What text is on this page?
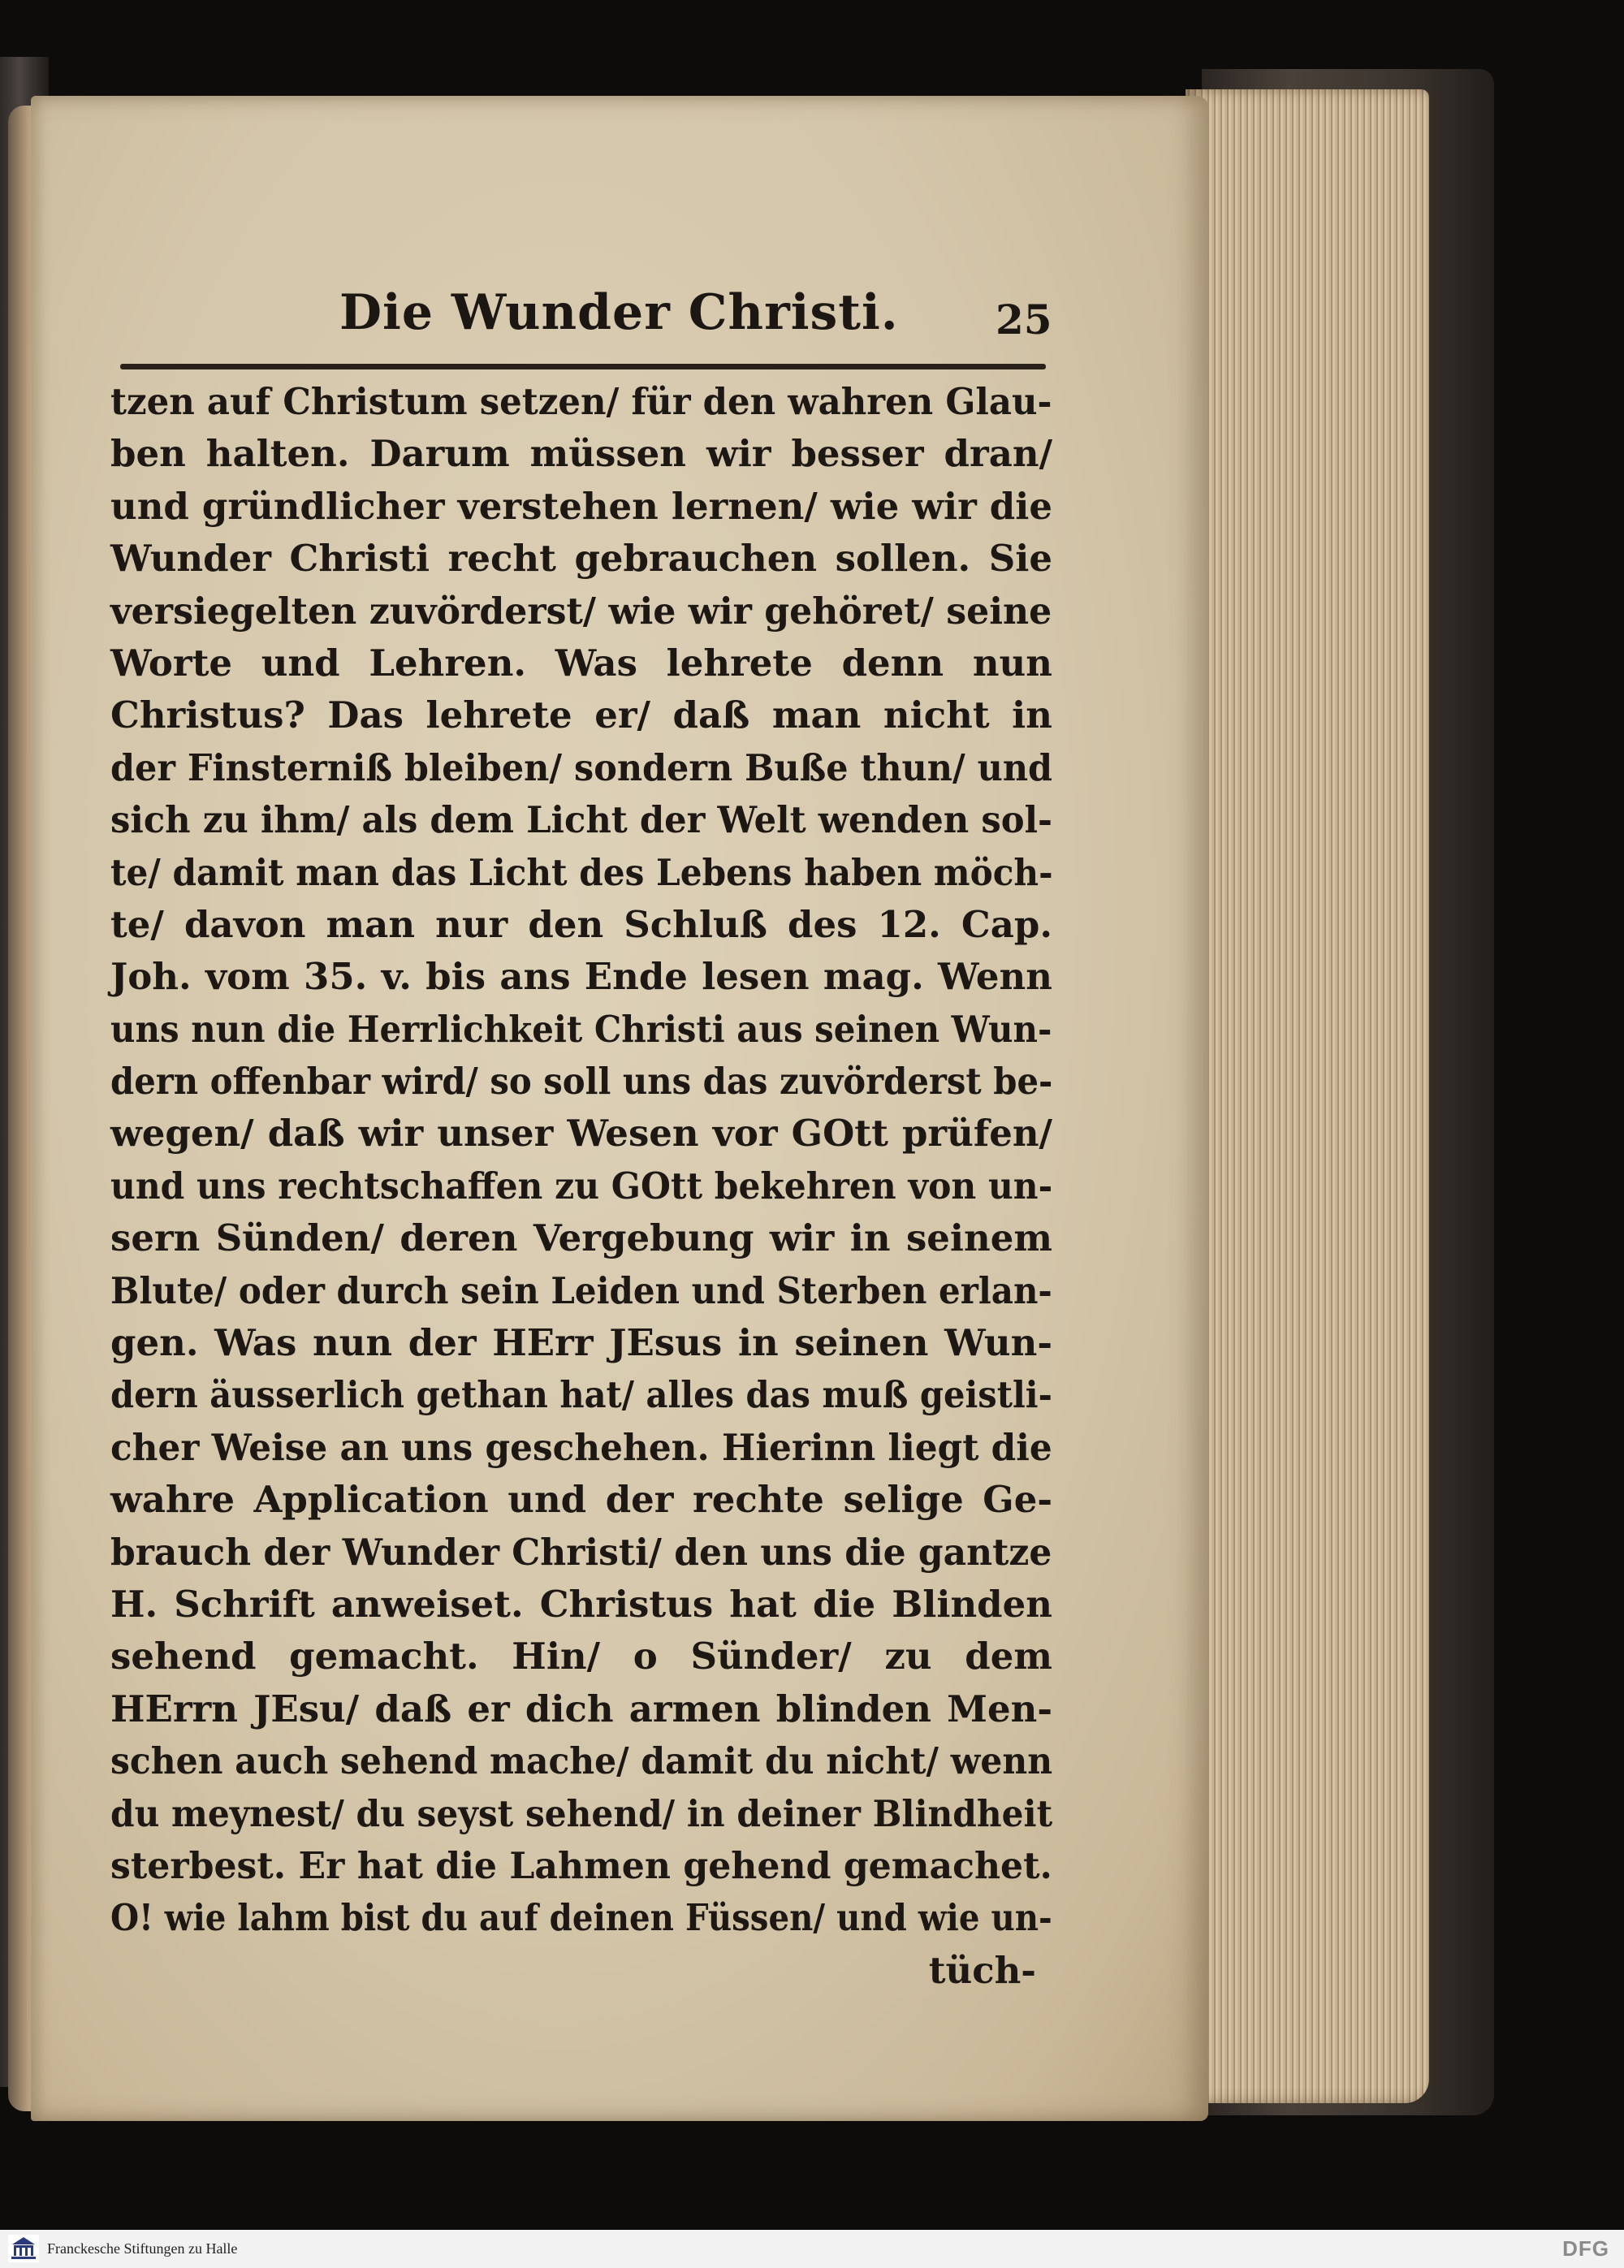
Die Wunder Christi. 25
tzen auf Christum setzen/ für den wahren Glau-
ben halten. Darum müssen wir besser dran/
und gründlicher verstehen lernen/ wie wir die
Wunder Christi recht gebrauchen sollen. Sie
versiegelten zuvörderst/ wie wir gehöret/ seine
Worte und Lehren. Was lehrete denn nun
Christus? Das lehrete er/ daß man nicht in
der Finsterniß bleiben/ sondern Buße thun/ und
sich zu ihm/ als dem Licht der Welt wenden sol-
te/ damit man das Licht des Lebens haben möch-
te/ davon man nur den Schluß des 12. Cap.
Joh. vom 35. v. bis ans Ende lesen mag. Wenn
uns nun die Herrlichkeit Christi aus seinen Wun-
dern offenbar wird/ so soll uns das zuvörderst be-
wegen/ daß wir unser Wesen vor GOtt prüfen/
und uns rechtschaffen zu GOtt bekehren von un-
sern Sünden/ deren Vergebung wir in seinem
Blute/ oder durch sein Leiden und Sterben erlan-
gen. Was nun der HErr JEsus in seinen Wun-
dern äusserlich gethan hat/ alles das muß geistli-
cher Weise an uns geschehen. Hierinn liegt die
wahre Application und der rechte selige Ge-
brauch der Wunder Christi/ den uns die gantze
H. Schrift anweiset. Christus hat die Blinden
sehend gemacht. Hin/ o Sünder/ zu dem
HErrn JEsu/ daß er dich armen blinden Men-
schen auch sehend mache/ damit du nicht/ wenn
du meynest/ du seyst sehend/ in deiner Blindheit
sterbest. Er hat die Lahmen gehend gemachet.
O! wie lahm bist du auf deinen Füssen/ und wie un-
tüch-
Franckesche Stiftungen zu Halle	DFG
